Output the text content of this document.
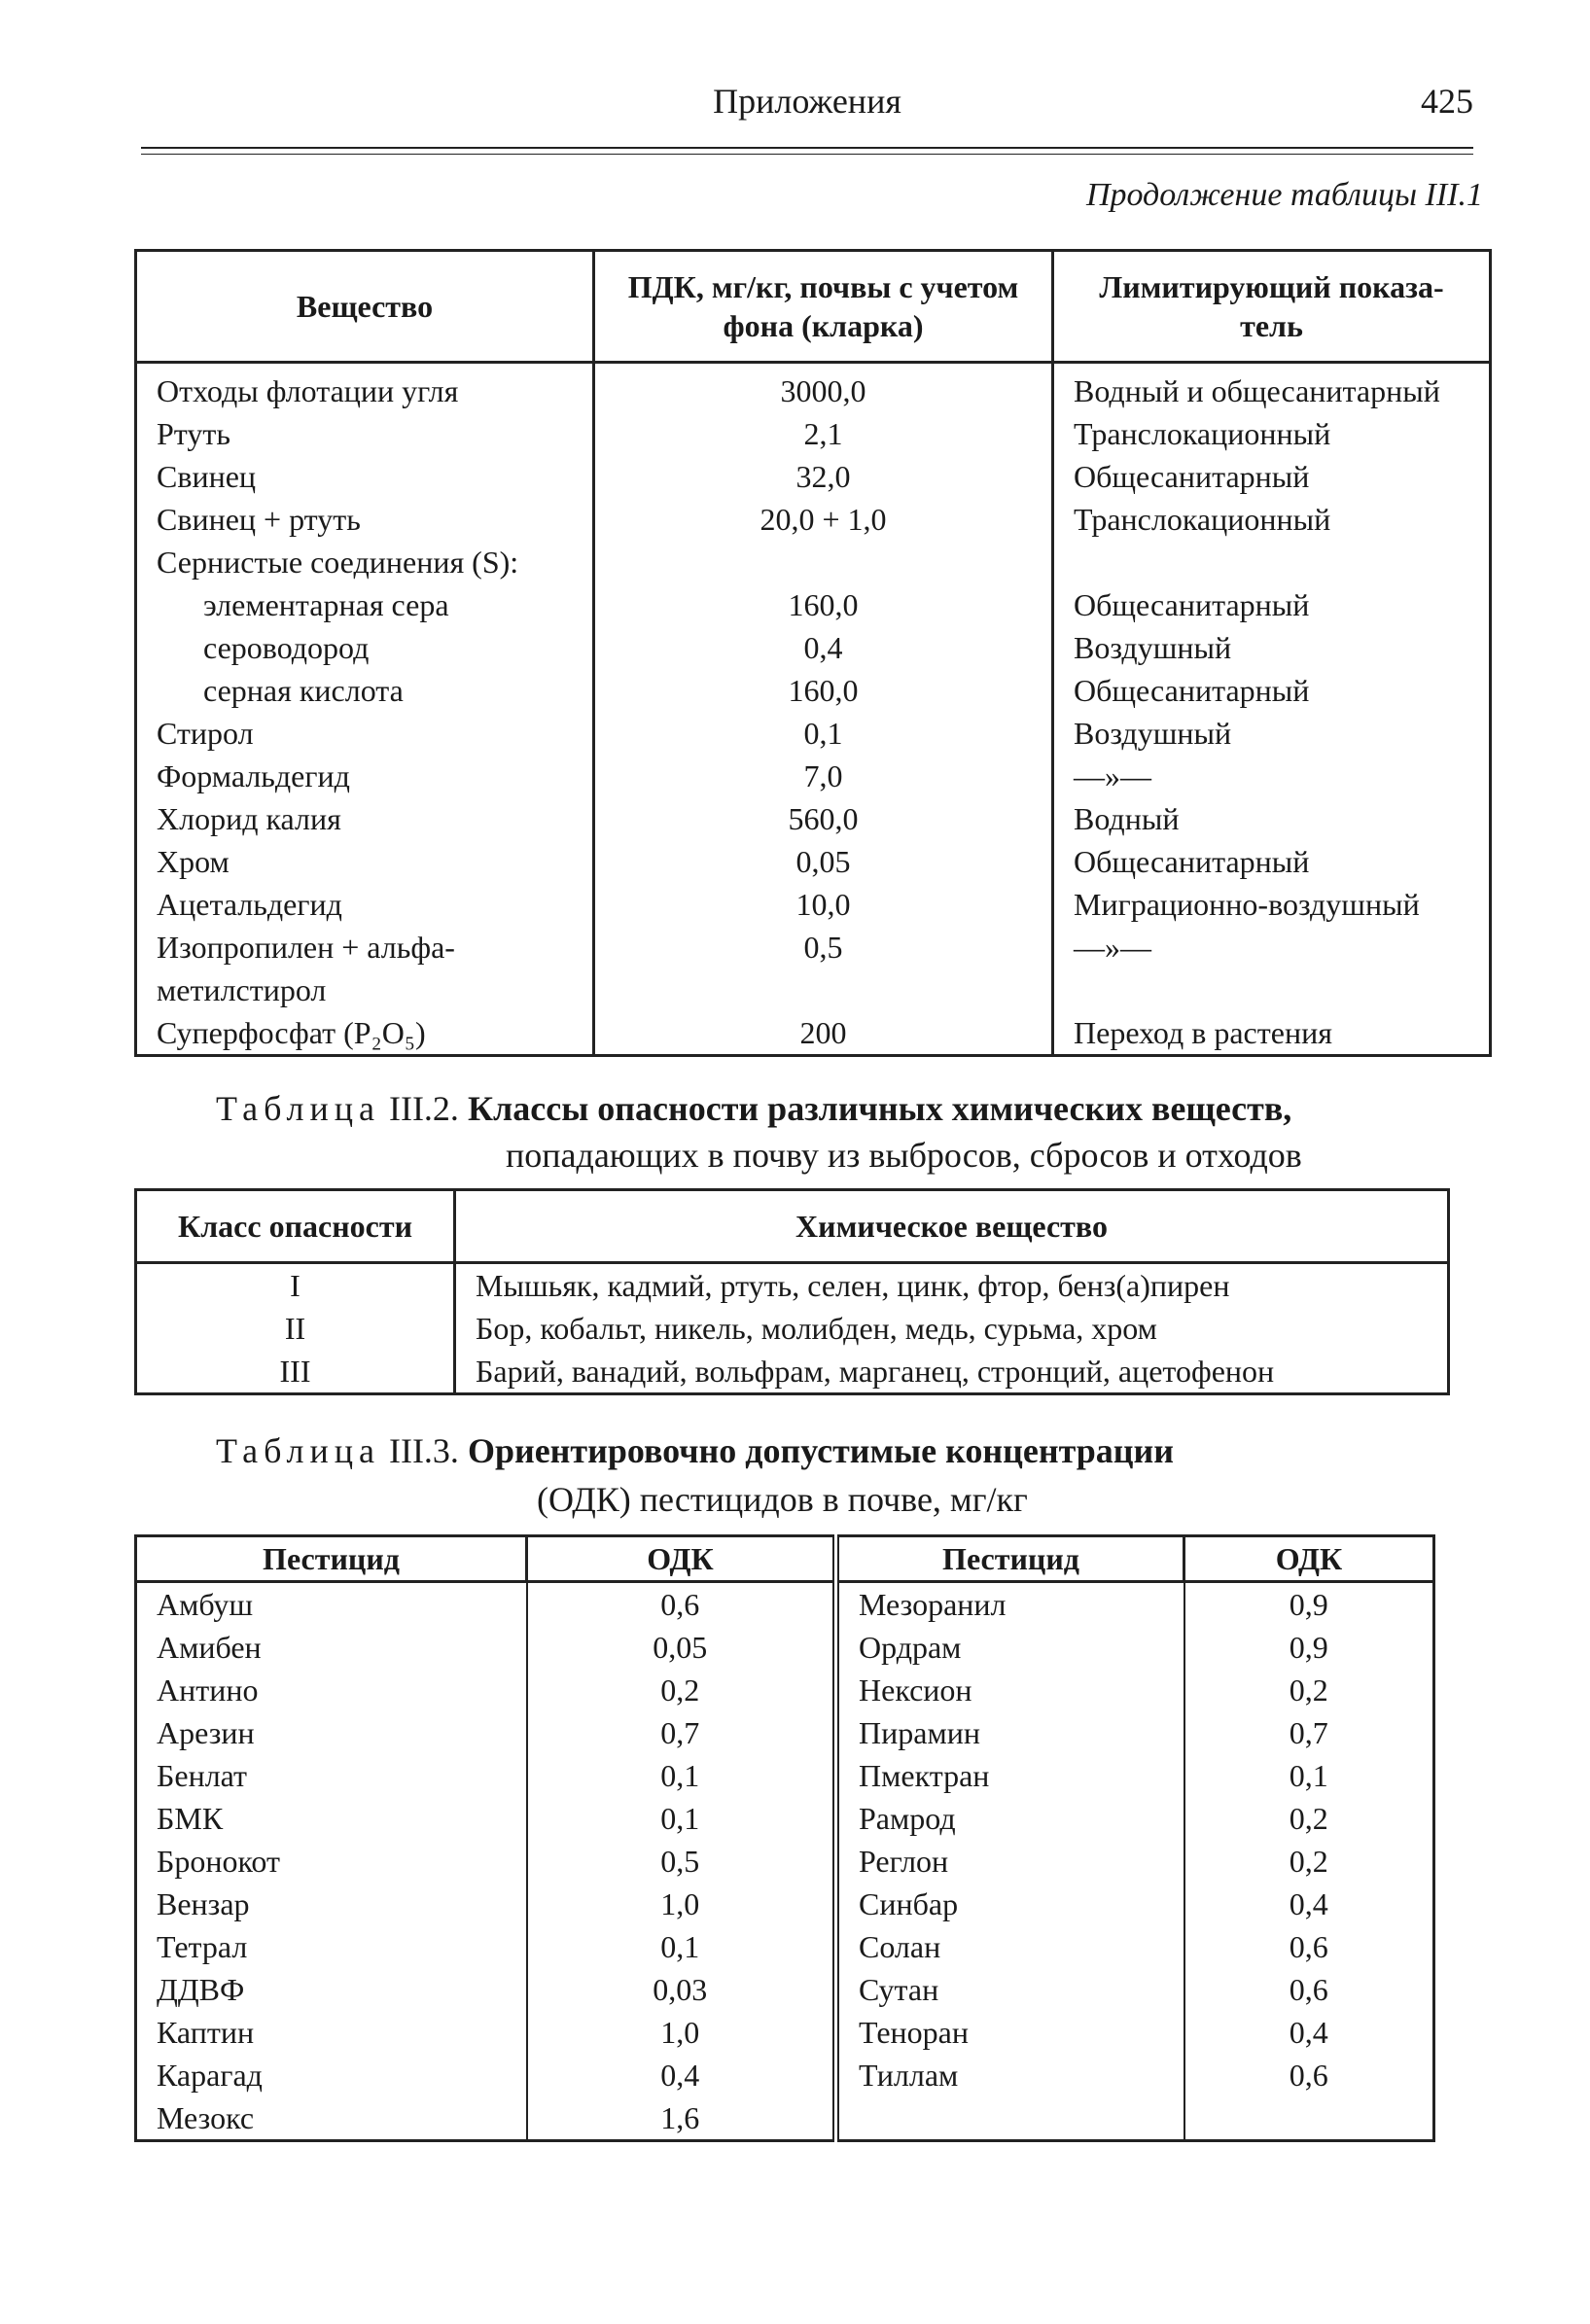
Приложения	425
Продолжение таблицы III.1
Вещество	ПДК, мг/кг, почвы с учетом фона (кларка)	Лимитирующий показа-тель
Отходы флотации угля	3000,0	Водный и общесанитарный
Ртуть	2,1	Транслокационный
Свинец	32,0	Общесанитарный
Свинец + ртуть	20,0 + 1,0	Транслокационный
Сернистые соединения (S):		
элементарная сера	160,0	Общесанитарный
сероводород	0,4	Воздушный
серная кислота	160,0	Общесанитарный
Стирол	0,1	Воздушный
Формальдегид	7,0	—»—
Хлорид калия	560,0	Водный
Хром	0,05	Общесанитарный
Ацетальдегид	10,0	Миграционно-воздушный
Изопропилен + альфа-	0,5	—»—
метилстирол		
Суперфосфат (P₂O₅)	200	Переход в растения
Таблица III.2. Классы опасности различных химических веществ,
попадающих в почву из выбросов, сбросов и отходов
Класс опасности	Химическое вещество
I	Мышьяк, кадмий, ртуть, селен, цинк, фтор, бенз(а)пирен
II	Бор, кобальт, никель, молибден, медь, сурьма, хром
III	Барий, ванадий, вольфрам, марганец, стронций, ацетофенон
Таблица III.3. Ориентировочно допустимые концентрации
(ОДК) пестицидов в почве, мг/кг
Пестицид	ОДК	Пестицид	ОДК
Амбуш	0,6	Мезоранил	0,9
Амибен	0,05	Ордрам	0,9
Антино	0,2	Нексион	0,2
Арезин	0,7	Пирамин	0,7
Бенлат	0,1	Пмектран	0,1
БМК	0,1	Рамрод	0,2
Бронокот	0,5	Реглон	0,2
Вензар	1,0	Синбар	0,4
Тетрал	0,1	Солан	0,6
ДДВФ	0,03	Сутан	0,6
Каптин	1,0	Теноран	0,4
Карагад	0,4	Тиллам	0,6
Мезокс	1,6		
